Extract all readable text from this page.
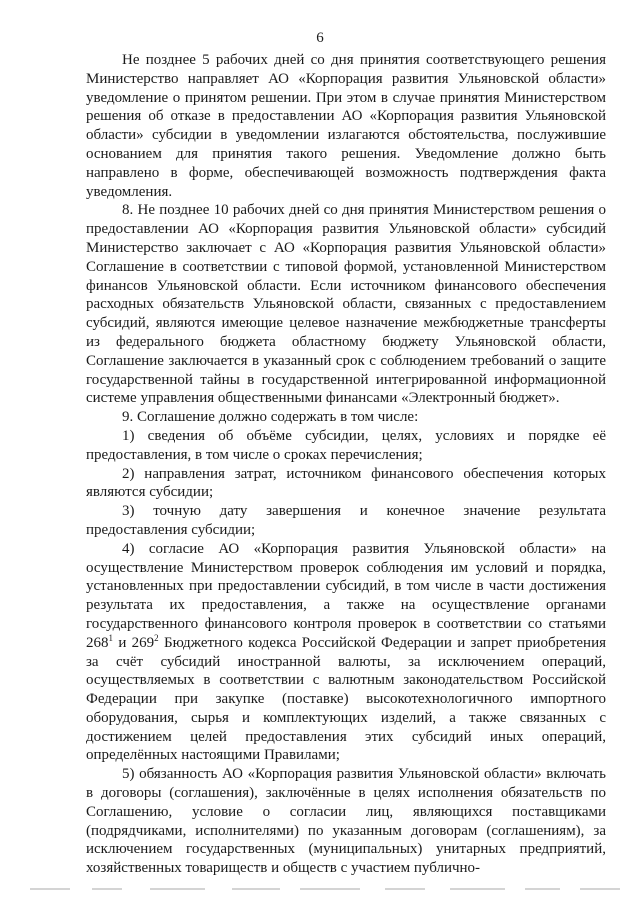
6

Не позднее 5 рабочих дней со дня принятия соответствующего решения Министерство направляет АО «Корпорация развития Ульяновской области» уведомление о принятом решении. При этом в случае принятия Министерством решения об отказе в предоставлении АО «Корпорация развития Ульяновской области» субсидии в уведомлении излагаются обстоятельства, послужившие основанием для принятия такого решения. Уведомление должно быть направлено в форме, обеспечивающей возможность подтверждения факта уведомления.

8. Не позднее 10 рабочих дней со дня принятия Министерством решения о предоставлении АО «Корпорация развития Ульяновской области» субсидий Министерство заключает с АО «Корпорация развития Ульяновской области» Соглашение в соответствии с типовой формой, установленной Министерством финансов Ульяновской области. Если источником финансового обеспечения расходных обязательств Ульяновской области, связанных с предоставлением субсидий, являются имеющие целевое назначение межбюджетные трансферты из федерального бюджета областному бюджету Ульяновской области, Соглашение заключается в указанный срок с соблюдением требований о защите государственной тайны в государственной интегрированной информационной системе управления общественными финансами «Электронный бюджет».

9. Соглашение должно содержать в том числе:

1) сведения об объёме субсидии, целях, условиях и порядке её предоставления, в том числе о сроках перечисления;

2) направления затрат, источником финансового обеспечения которых являются субсидии;

3) точную дату завершения и конечное значение результата предоставления субсидии;

4) согласие АО «Корпорация развития Ульяновской области» на осуществление Министерством проверок соблюдения им условий и порядка, установленных при предоставлении субсидий, в том числе в части достижения результата их предоставления, а также на осуществление органами государственного финансового контроля проверок в соответствии со статьями $268^1$ и $269^2$ Бюджетного кодекса Российской Федерации и запрет приобретения за счёт субсидий иностранной валюты, за исключением операций, осуществляемых в соответствии с валютным законодательством Российской Федерации при закупке (поставке) высокотехнологичного импортного оборудования, сырья и комплектующих изделий, а также связанных с достижением целей предоставления этих субсидий иных операций, определённых настоящими Правилами;

5) обязанность АО «Корпорация развития Ульяновской области» включать в договоры (соглашения), заключённые в целях исполнения обязательств по Соглашению, условие о согласии лиц, являющихся поставщиками (подрядчиками, исполнителями) по указанным договорам (соглашениям), за исключением государственных (муниципальных) унитарных предприятий, хозяйственных товариществ и обществ с участием публично-
